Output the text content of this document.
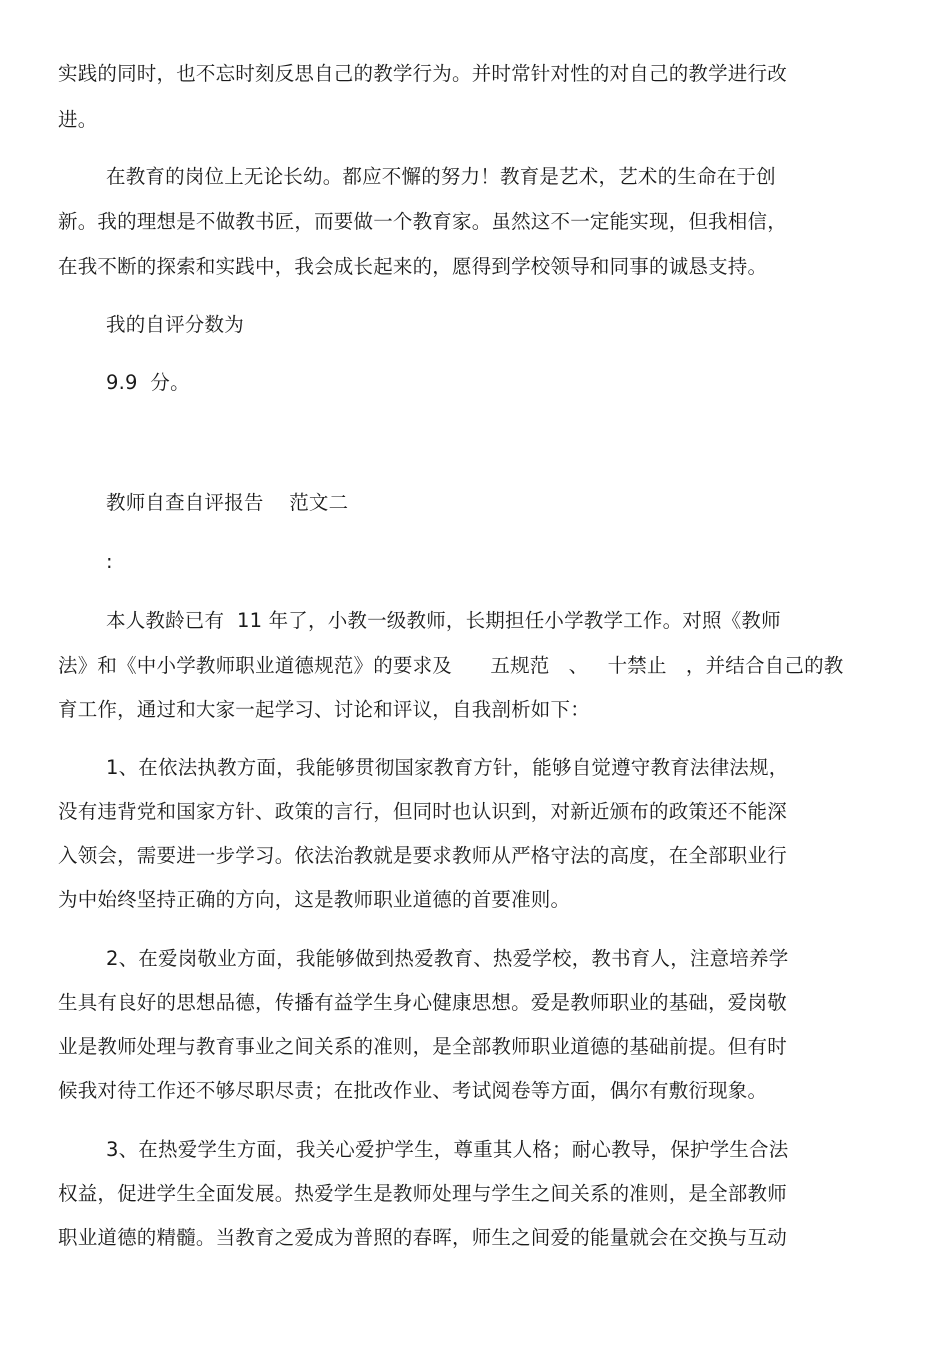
实践的同时，也不忘时刻反思自己的教学行为。并时常针对性的对自己的教学进行改
进。
在教育的岗位上无论长幼。都应不懈的努力！教育是艺术，艺术的生命在于创
新。我的理想是不做教书匠，而要做一个教育家。虽然这不一定能实现，但我相信，
在我不断的探索和实践中，我会成长起来的，愿得到学校领导和同事的诚恳支持。
我的自评分数为
9.9  分。
教师自查自评报告    范文二
:
本人教龄已有  11 年了，小教一级教师，长期担任小学教学工作。对照《教师
法》和《中小学教师职业道德规范》的要求及      五规范   、   十禁止   ，并结合自己的教
育工作，通过和大家一起学习、讨论和评议，自我剖析如下：
1、在依法执教方面，我能够贯彻国家教育方针，能够自觉遵守教育法律法规，
没有违背党和国家方针、政策的言行，但同时也认识到，对新近颁布的政策还不能深
入领会，需要进一步学习。依法治教就是要求教师从严格守法的高度，在全部职业行
为中始终坚持正确的方向，这是教师职业道德的首要准则。
2、在爱岗敬业方面，我能够做到热爱教育、热爱学校，教书育人，注意培养学
生具有良好的思想品德，传播有益学生身心健康思想。爱是教师职业的基础，爱岗敬
业是教师处理与教育事业之间关系的准则，是全部教师职业道德的基础前提。但有时
候我对待工作还不够尽职尽责；在批改作业、考试阅卷等方面，偶尔有敷衍现象。
3、在热爱学生方面，我关心爱护学生，尊重其人格；耐心教导，保护学生合法
权益，促进学生全面发展。热爱学生是教师处理与学生之间关系的准则，是全部教师
职业道德的精髓。当教育之爱成为普照的春晖，师生之间爱的能量就会在交换与互动
